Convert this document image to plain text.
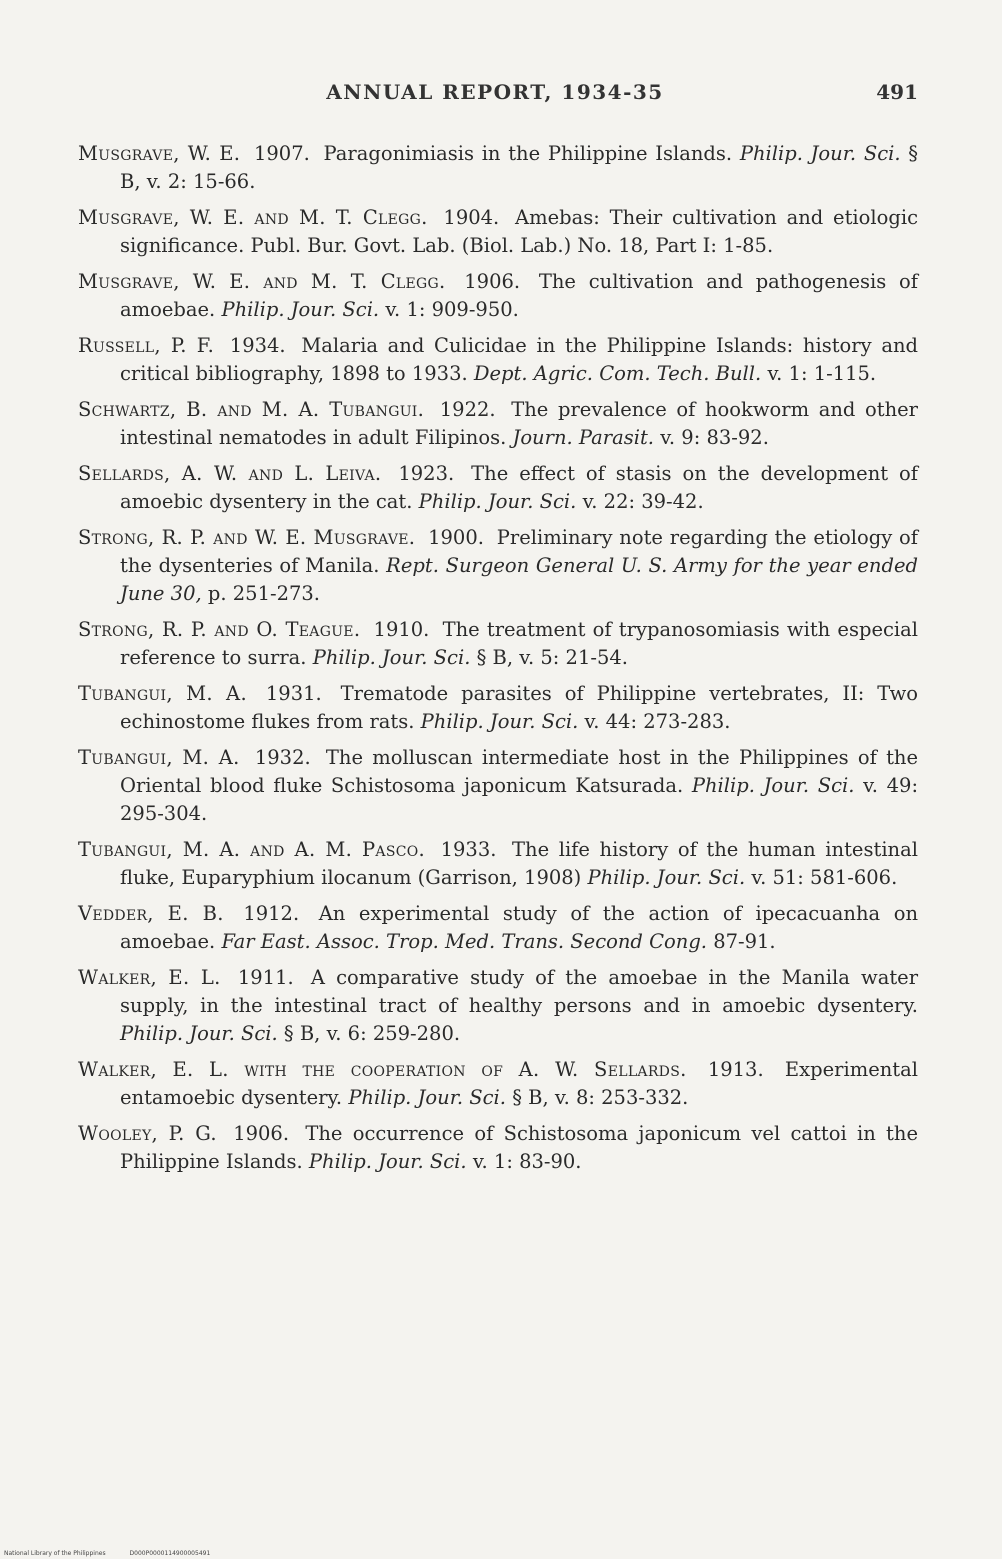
ANNUAL REPORT, 1934-35	491

Musgrave, W. E. 1907. Paragonimiasis in the Philippine Islands. Philip. Jour. Sci. § B, v. 2: 15-66.

Musgrave, W. E. and M. T. Clegg. 1904. Amebas: Their cultivation and etiologic significance. Publ. Bur. Govt. Lab. (Biol. Lab.) No. 18, Part I: 1-85.

Musgrave, W. E. and M. T. Clegg. 1906. The cultivation and pathogenesis of amoebae. Philip. Jour. Sci. v. 1: 909-950.

Russell, P. F. 1934. Malaria and Culicidae in the Philippine Islands: history and critical bibliography, 1898 to 1933. Dept. Agric. Com. Tech. Bull. v. 1: 1-115.

Schwartz, B. and M. A. Tubangui. 1922. The prevalence of hookworm and other intestinal nematodes in adult Filipinos. Journ. Parasit. v. 9: 83-92.

Sellards, A. W. and L. Leiva. 1923. The effect of stasis on the development of amoebic dysentery in the cat. Philip. Jour. Sci. v. 22: 39-42.

Strong, R. P. and W. E. Musgrave. 1900. Preliminary note regarding the etiology of the dysenteries of Manila. Rept. Surgeon General U. S. Army for the year ended June 30, p. 251-273.

Strong, R. P. and O. Teague. 1910. The treatment of trypanosomiasis with especial reference to surra. Philip. Jour. Sci. § B, v. 5: 21-54.

Tubangui, M. A. 1931. Trematode parasites of Philippine vertebrates, II: Two echinostome flukes from rats. Philip. Jour. Sci. v. 44: 273-283.

Tubangui, M. A. 1932. The molluscan intermediate host in the Philippines of the Oriental blood fluke Schistosoma japonicum Katsurada. Philip. Jour. Sci. v. 49: 295-304.

Tubangui, M. A. and A. M. Pasco. 1933. The life history of the human intestinal fluke, Euparyphium ilocanum (Garrison, 1908) Philip. Jour. Sci. v. 51: 581-606.

Vedder, E. B. 1912. An experimental study of the action of ipecacuanha on amoebae. Far East. Assoc. Trop. Med. Trans. Second Cong. 87-91.

Walker, E. L. 1911. A comparative study of the amoebae in the Manila water supply, in the intestinal tract of healthy persons and in amoebic dysentery. Philip. Jour. Sci. § B, v. 6: 259-280.

Walker, E. L. with the cooperation of A. W. Sellards. 1913. Experimental entamoebic dysentery. Philip. Jour. Sci. § B, v. 8: 253-332.

Wooley, P. G. 1906. The occurrence of Schistosoma japonicum vel cattoi in the Philippine Islands. Philip. Jour. Sci. v. 1: 83-90.

National Library of the Philippines	D000P0000114900005491
